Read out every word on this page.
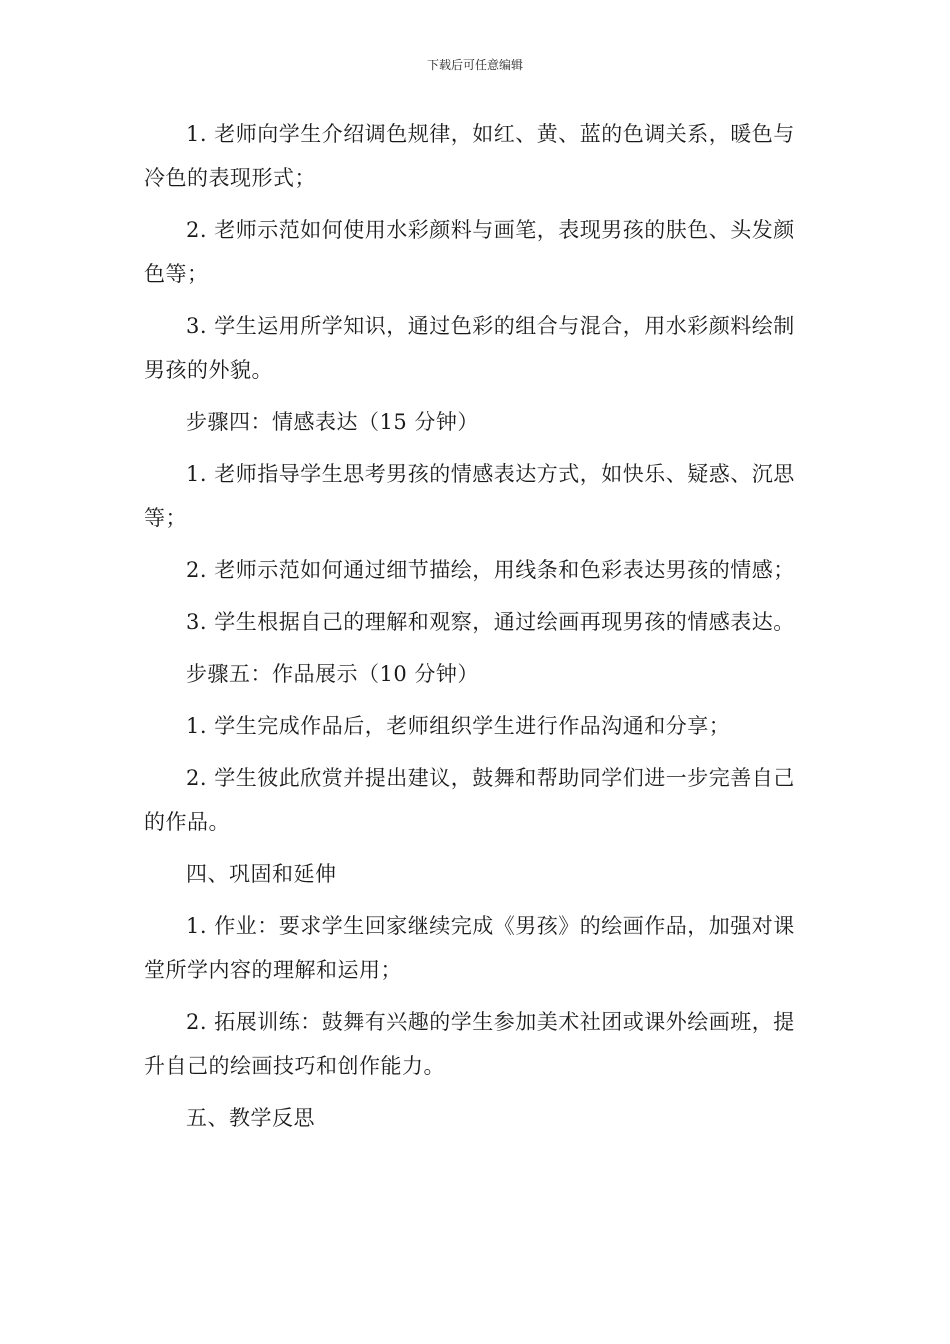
下载后可任意编辑

1. 老师向学生介绍调色规律，如红、黄、蓝的色调关系，暖色与冷色的表现形式；

2. 老师示范如何使用水彩颜料与画笔，表现男孩的肤色、头发颜色等；

3. 学生运用所学知识，通过色彩的组合与混合，用水彩颜料绘制男孩的外貌。

步骤四：情感表达（15 分钟）

1. 老师指导学生思考男孩的情感表达方式，如快乐、疑惑、沉思等；

2. 老师示范如何通过细节描绘，用线条和色彩表达男孩的情感；

3. 学生根据自己的理解和观察，通过绘画再现男孩的情感表达。

步骤五：作品展示（10 分钟）

1. 学生完成作品后，老师组织学生进行作品沟通和分享；

2. 学生彼此欣赏并提出建议，鼓舞和帮助同学们进一步完善自己的作品。

四、巩固和延伸

1. 作业：要求学生回家继续完成《男孩》的绘画作品，加强对课堂所学内容的理解和运用；

2. 拓展训练：鼓舞有兴趣的学生参加美术社团或课外绘画班，提升自己的绘画技巧和创作能力。

五、教学反思
